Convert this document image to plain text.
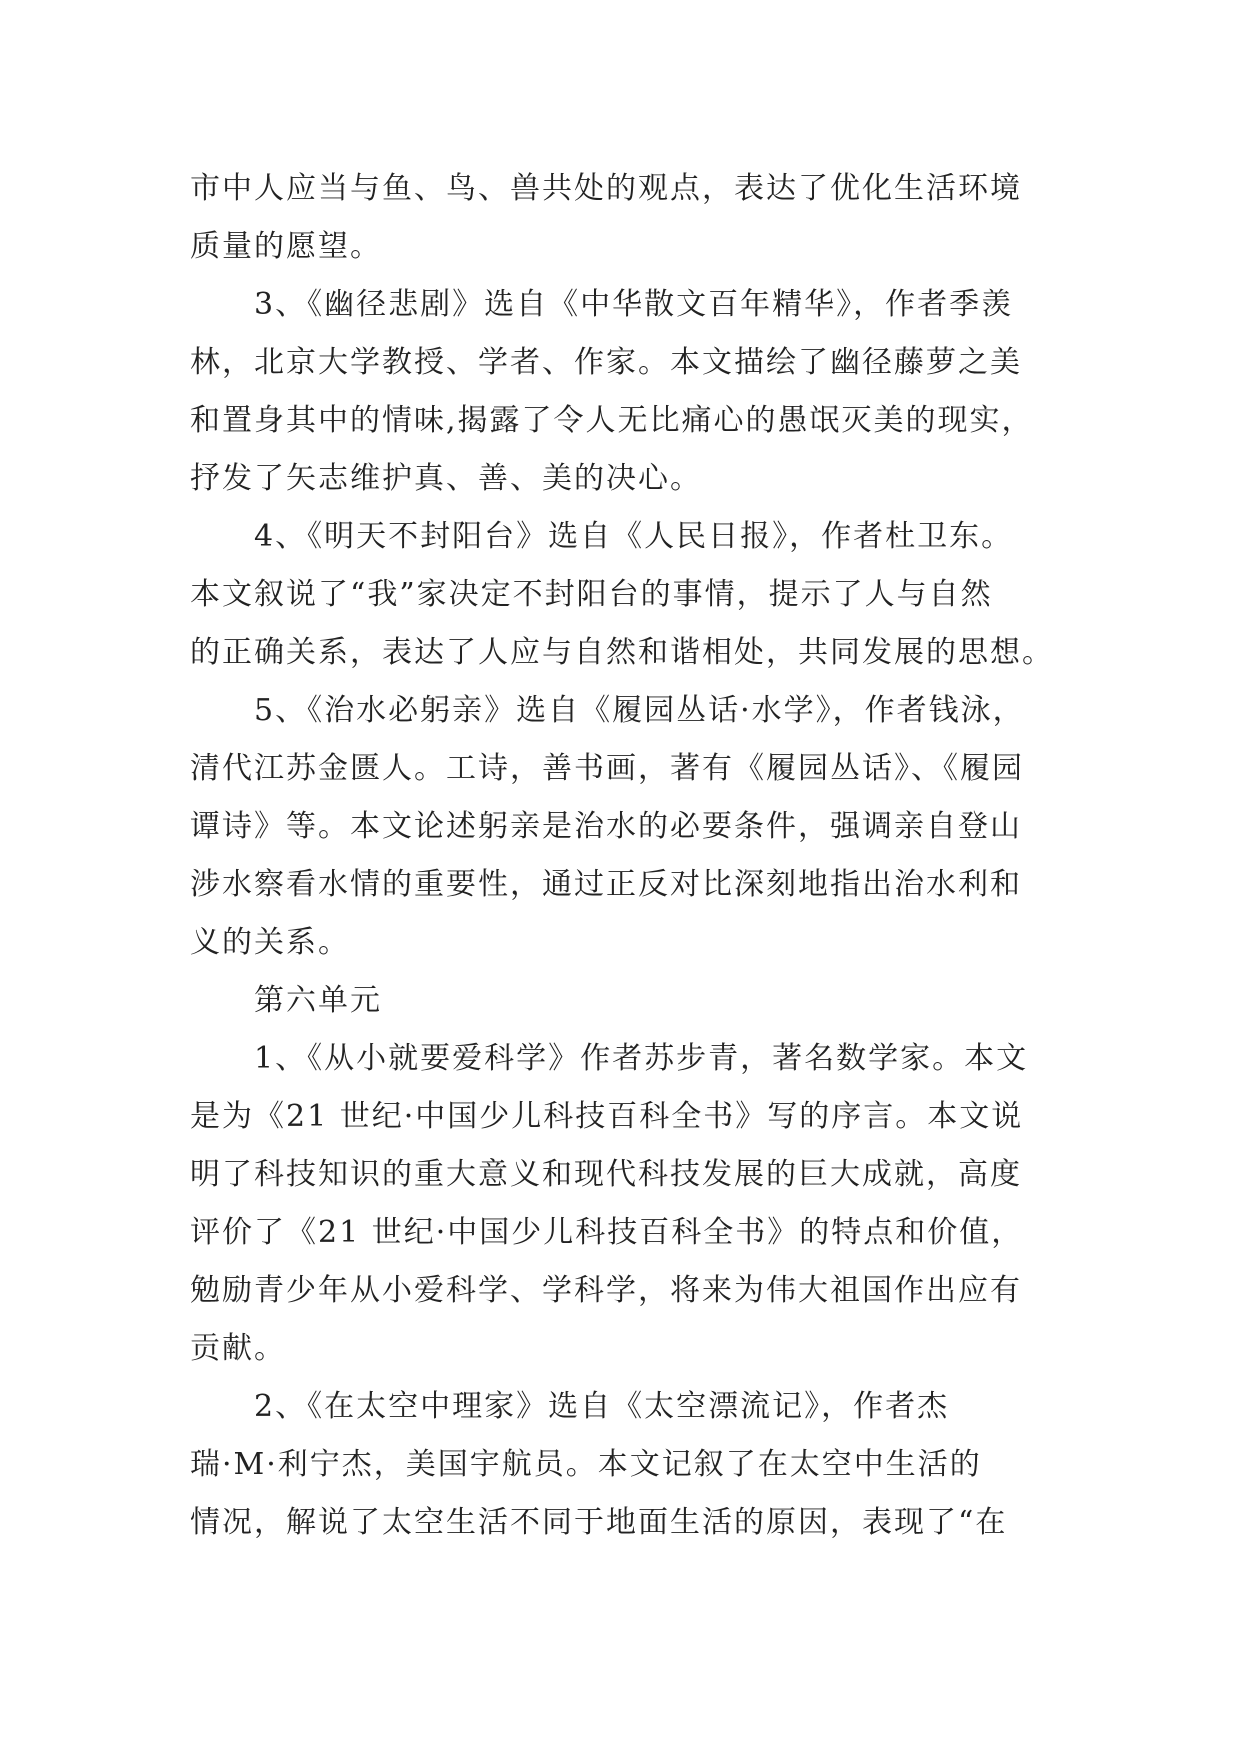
市中人应当与鱼、鸟、兽共处的观点，表达了优化生活环境
质量的愿望。
3、《幽径悲剧》选自《中华散文百年精华》，作者季羡
林，北京大学教授、学者、作家。本文描绘了幽径藤萝之美
和置身其中的情味,揭露了令人无比痛心的愚氓灭美的现实，
抒发了矢志维护真、善、美的决心。
4、《明天不封阳台》选自《人民日报》，作者杜卫东。
本文叙说了“我”家决定不封阳台的事情，提示了人与自然
的正确关系，表达了人应与自然和谐相处，共同发展的思想。
5、《治水必躬亲》选自《履园丛话·水学》，作者钱泳，
清代江苏金匮人。工诗，善书画，著有《履园丛话》、《履园
谭诗》等。本文论述躬亲是治水的必要条件，强调亲自登山
涉水察看水情的重要性，通过正反对比深刻地指出治水利和
义的关系。
第六单元
1、《从小就要爱科学》作者苏步青，著名数学家。本文
是为《21 世纪·中国少儿科技百科全书》写的序言。本文说
明了科技知识的重大意义和现代科技发展的巨大成就，高度
评价了《21 世纪·中国少儿科技百科全书》的特点和价值，
勉励青少年从小爱科学、学科学，将来为伟大祖国作出应有
贡献。
2、《在太空中理家》选自《太空漂流记》，作者杰
瑞·M·利宁杰，美国宇航员。本文记叙了在太空中生活的
情况，解说了太空生活不同于地面生活的原因，表现了“在
